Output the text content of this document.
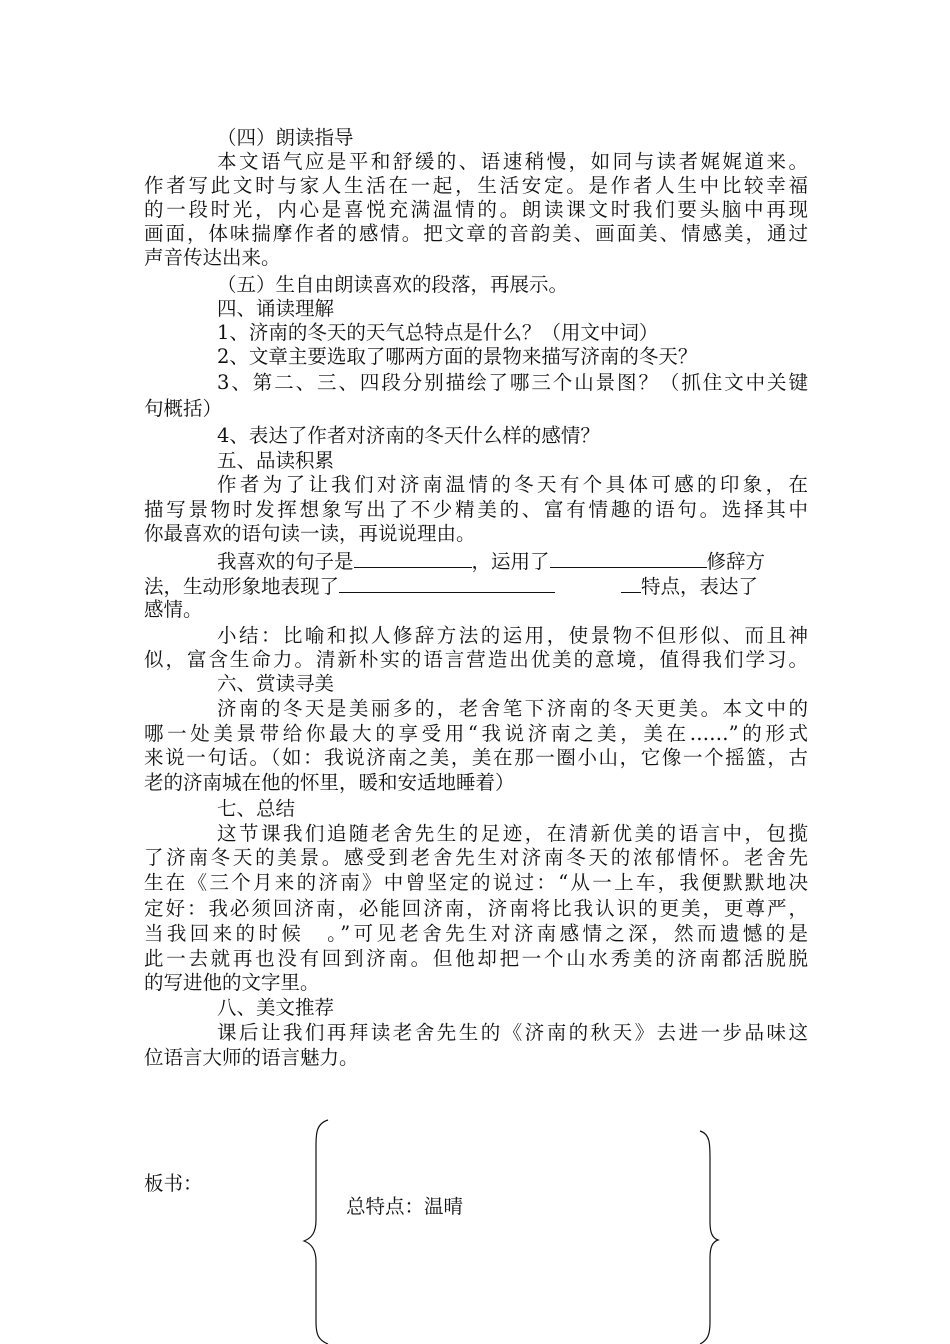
（四）朗读指导
本文语气应是平和舒缓的、语速稍慢，如同与读者娓娓道来。
作者写此文时与家人生活在一起，生活安定。是作者人生中比较幸福
的一段时光，内心是喜悦充满温情的。朗读课文时我们要头脑中再现
画面，体味揣摩作者的感情。把文章的音韵美、画面美、情感美，通过
声音传达出来。
（五）生自由朗读喜欢的段落，再展示。
四、诵读理解
1、济南的冬天的天气总特点是什么？（用文中词）
2、文章主要选取了哪两方面的景物来描写济南的冬天？
3、第二、三、四段分别描绘了哪三个山景图？（抓住文中关键
句概括）
4、表达了作者对济南的冬天什么样的感情？
五、品读积累
作者为了让我们对济南温情的冬天有个具体可感的印象，在
描写景物时发挥想象写出了不少精美的、富有情趣的语句。选择其中
你最喜欢的语句读一读，再说说理由。
我喜欢的句子是	，运用了	修辞方
法，生动形象地表现了	特点，表达了
感情。
小结：比喻和拟人修辞方法的运用，使景物不但形似、而且神
似，富含生命力。清新朴实的语言营造出优美的意境，值得我们学习。
六、赏读寻美
济南的冬天是美丽多的，老舍笔下济南的冬天更美。本文中的
哪一处美景带给你最大的享受用“我说济南之美，美在……”的形式
来说一句话。（如：我说济南之美，美在那一圈小山，它像一个摇篮，古
老的济南城在他的怀里，暖和安适地睡着）
七、总结
这节课我们追随老舍先生的足迹，在清新优美的语言中，包揽
了济南冬天的美景。感受到老舍先生对济南冬天的浓郁情怀。老舍先
生在《三个月来的济南》中曾坚定的说过：“从一上车，我便默默地决
定好：我必须回济南，必能回济南，济南将比我认识的更美，更尊严，
当我回来的时候　。”可见老舍先生对济南感情之深，然而遗憾的是
此一去就再也没有回到济南。但他却把一个山水秀美的济南都活脱脱
的写进他的文字里。
八、美文推荐
课后让我们再拜读老舍先生的《济南的秋天》去进一步品味这
位语言大师的语言魅力。
板书：
总特点：温晴
